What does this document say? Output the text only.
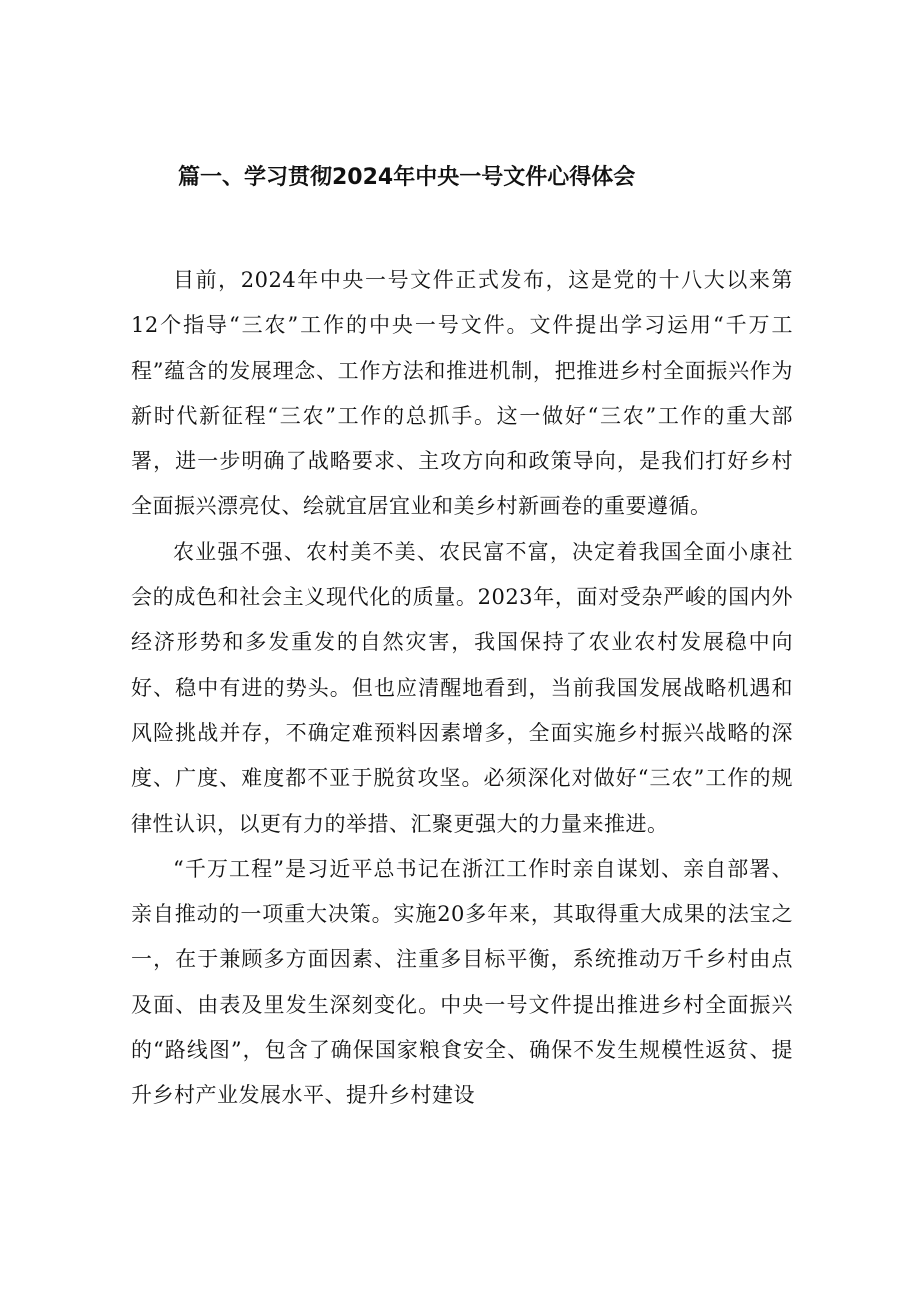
篇一、学习贯彻2024年中央一号文件心得体会

目前，2024年中央一号文件正式发布，这是党的十八大以来第12个指导“三农”工作的中央一号文件。文件提出学习运用“千万工程”蕴含的发展理念、工作方法和推进机制，把推进乡村全面振兴作为新时代新征程“三农”工作的总抓手。这一做好“三农”工作的重大部署，进一步明确了战略要求、主攻方向和政策导向，是我们打好乡村全面振兴漂亮仗、绘就宜居宜业和美乡村新画卷的重要遵循。

农业强不强、农村美不美、农民富不富，决定着我国全面小康社会的成色和社会主义现代化的质量。2023年，面对受杂严峻的国内外经济形势和多发重发的自然灾害，我国保持了农业农村发展稳中向好、稳中有进的势头。但也应清醒地看到，当前我国发展战略机遇和风险挑战并存，不确定难预料因素增多，全面实施乡村振兴战略的深度、广度、难度都不亚于脱贫攻坚。必须深化对做好“三农”工作的规律性认识，以更有力的举措、汇聚更强大的力量来推进。

“千万工程”是习近平总书记在浙江工作时亲自谋划、亲自部署、亲自推动的一项重大决策。实施20多年来，其取得重大成果的法宝之一，在于兼顾多方面因素、注重多目标平衡，系统推动万千乡村由点及面、由表及里发生深刻变化。中央一号文件提出推进乡村全面振兴的“路线图”，包含了确保国家粮食安全、确保不发生规模性返贫、提升乡村产业发展水平、提升乡村建设
